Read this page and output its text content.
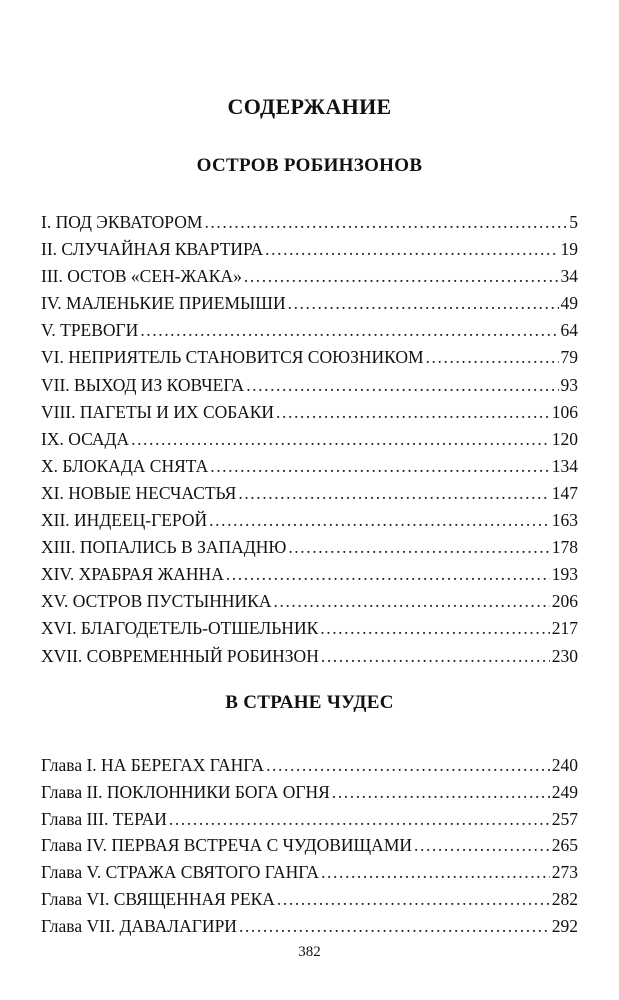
СОДЕРЖАНИЕ
ОСТРОВ РОБИНЗОНОВ
I. ПОД ЭКВАТОРОМ .....	5
II. СЛУЧАЙНАЯ КВАРТИРА .....	19
III. ОСТОВ «СЕН-ЖАКА» .....	34
IV. МАЛЕНЬКИЕ ПРИЕМЫШИ .....	49
V. ТРЕВОГИ .....	64
VI. НЕПРИЯТЕЛЬ СТАНОВИТСЯ СОЮЗНИКОМ .....	79
VII. ВЫХОД ИЗ КОВЧЕГА .....	93
VIII. ПАГЕТЫ И ИХ СОБАКИ .....	106
IX. ОСАДА .....	120
X. БЛОКАДА СНЯТА .....	134
XI. НОВЫЕ НЕСЧАСТЬЯ .....	147
XII. ИНДЕЕЦ-ГЕРОЙ .....	163
XIII. ПОПАЛИСЬ В ЗАПАДНЮ .....	178
XIV. ХРАБРАЯ ЖАННА .....	193
XV. ОСТРОВ ПУСТЫННИКА .....	206
XVI. БЛАГОДЕТЕЛЬ-ОТШЕЛЬНИК .....	217
XVII. СОВРЕМЕННЫЙ РОБИНЗОН .....	230
В СТРАНЕ ЧУДЕС
Глава I. НА БЕРЕГАХ ГАНГА .....	240
Глава II. ПОКЛОННИКИ БОГА ОГНЯ .....	249
Глава III. ТЕРАИ .....	257
Глава IV. ПЕРВАЯ ВСТРЕЧА С ЧУДОВИЩАМИ .....	265
Глава V. СТРАЖА СВЯТОГО ГАНГА .....	273
Глава VI. СВЯЩЕННАЯ РЕКА .....	282
Глава VII. ДАВАЛАГИРИ .....	292
382
